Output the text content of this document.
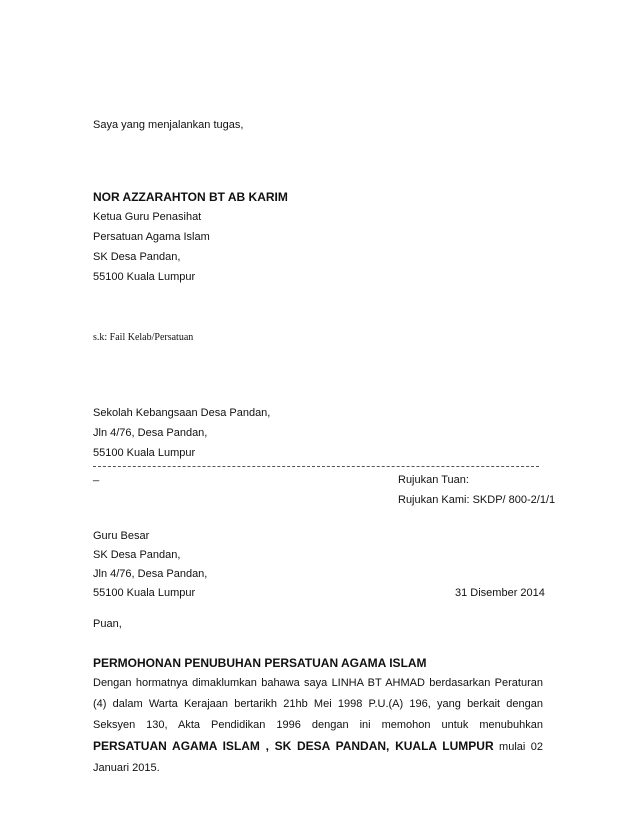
Saya yang menjalankan tugas,
NOR AZZARAHTON BT AB KARIM
Ketua Guru Penasihat
Persatuan Agama Islam
SK Desa Pandan,
55100 Kuala Lumpur
s.k: Fail Kelab/Persatuan
Sekolah Kebangsaan Desa Pandan,
Jln 4/76, Desa Pandan,
55100 Kuala Lumpur
_	Rujukan Tuan:
Rujukan Kami: SKDP/ 800-2/1/1
Guru Besar
SK Desa Pandan,
Jln 4/76, Desa Pandan,
55100 Kuala Lumpur	31 Disember 2014
Puan,
PERMOHONAN PENUBUHAN PERSATUAN AGAMA ISLAM
Dengan hormatnya dimaklumkan bahawa saya LINHA BT AHMAD berdasarkan Peraturan (4) dalam Warta Kerajaan bertarikh 21hb Mei 1998 P.U.(A) 196, yang berkait dengan Seksyen 130, Akta Pendidikan 1996 dengan ini memohon untuk menubuhkan PERSATUAN AGAMA ISLAM , SK DESA PANDAN, KUALA LUMPUR mulai 02 Januari 2015.
